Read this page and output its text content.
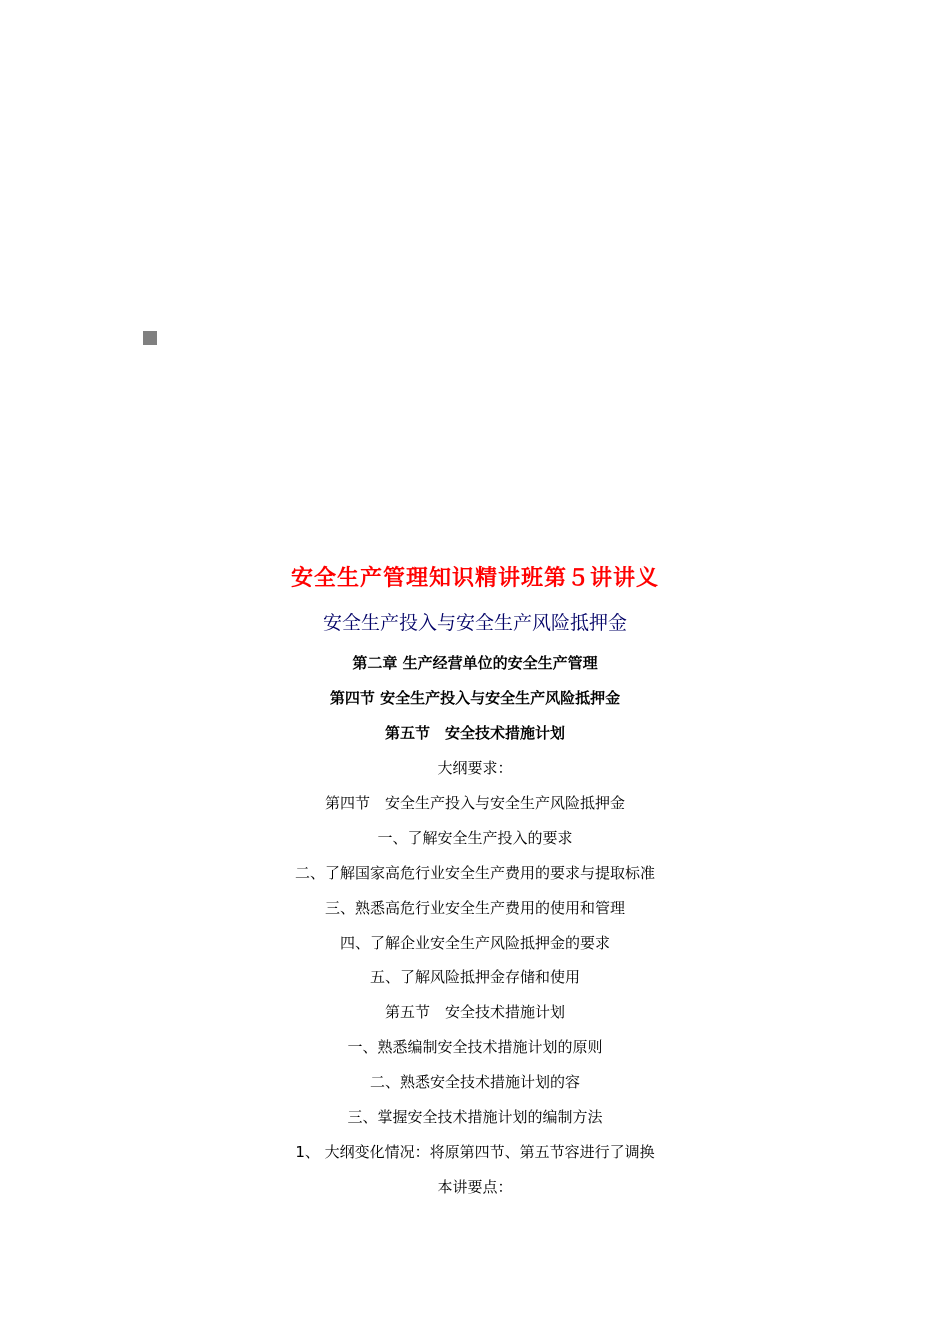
安全生产管理知识精讲班第５讲讲义
安全生产投入与安全生产风险抵押金
第二章 生产经营单位的安全生产管理
第四节 安全生产投入与安全生产风险抵押金
第五节　安全技术措施计划
大纲要求：
第四节　安全生产投入与安全生产风险抵押金
一、了解安全生产投入的要求
二、了解国家高危行业安全生产费用的要求与提取标准
三、熟悉高危行业安全生产费用的使用和管理
四、了解企业安全生产风险抵押金的要求
五、了解风险抵押金存储和使用
第五节　安全技术措施计划
一、熟悉编制安全技术措施计划的原则
二、熟悉安全技术措施计划的容
三、掌握安全技术措施计划的编制方法
1、 大纲变化情况：将原第四节、第五节容进行了调换
本讲要点：
